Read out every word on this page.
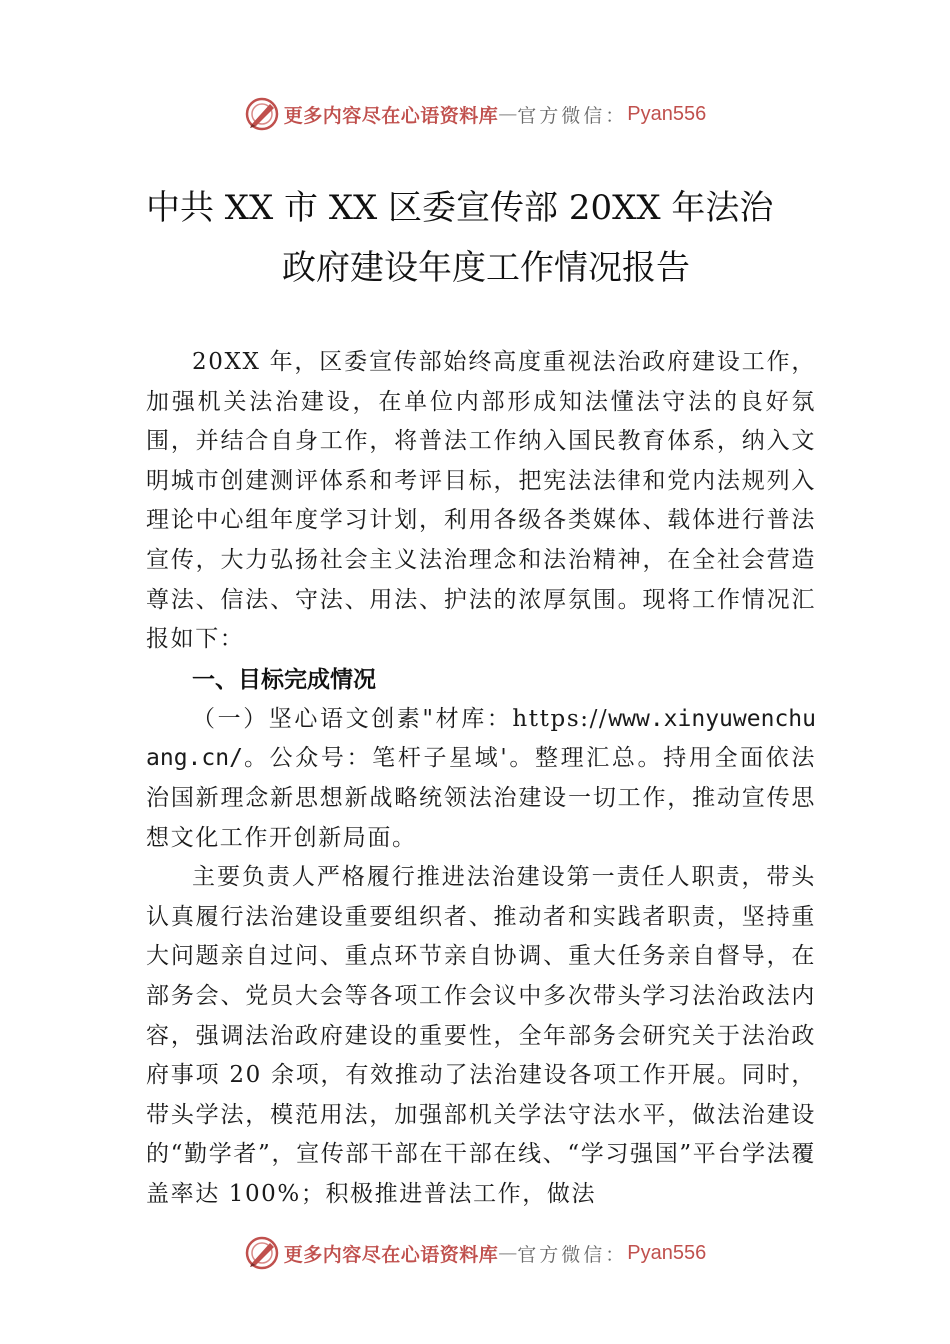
更多内容尽在心语资料库 — 官方微信： Pyan556
中共 XX 市 XX 区委宣传部 20XX 年法治
政府建设年度工作情况报告

20XX 年，区委宣传部始终高度重视法治政府建设工作，加强机关法治建设，在单位内部形成知法懂法守法的良好氛围，并结合自身工作，将普法工作纳入国民教育体系，纳入文明城市创建测评体系和考评目标，把宪法法律和党内法规列入理论中心组年度学习计划，利用各级各类媒体、载体进行普法宣传，大力弘扬社会主义法治理念和法治精神，在全社会营造尊法、信法、守法、用法、护法的浓厚氛围。现将工作情况汇报如下：

一、目标完成情况

（一）坚心语文创素"材库：https://www.xinyuwenchuang.cn/。公众号：笔杆子星域'。整理汇总。持用全面依法治国新理念新思想新战略统领法治建设一切工作，推动宣传思想文化工作开创新局面。

主要负责人严格履行推进法治建设第一责任人职责，带头认真履行法治建设重要组织者、推动者和实践者职责，坚持重大问题亲自过问、重点环节亲自协调、重大任务亲自督导，在部务会、党员大会等各项工作会议中多次带头学习法治政法内容，强调法治政府建设的重要性，全年部务会研究关于法治政府事项 20 余项，有效推动了法治建设各项工作开展。同时，带头学法，模范用法，加强部机关学法守法水平，做法治建设的“勤学者”，宣传部干部在干部在线、“学习强国”平台学法覆盖率达 100%；积极推进普法工作，做法

更多内容尽在心语资料库 — 官方微信： Pyan556
